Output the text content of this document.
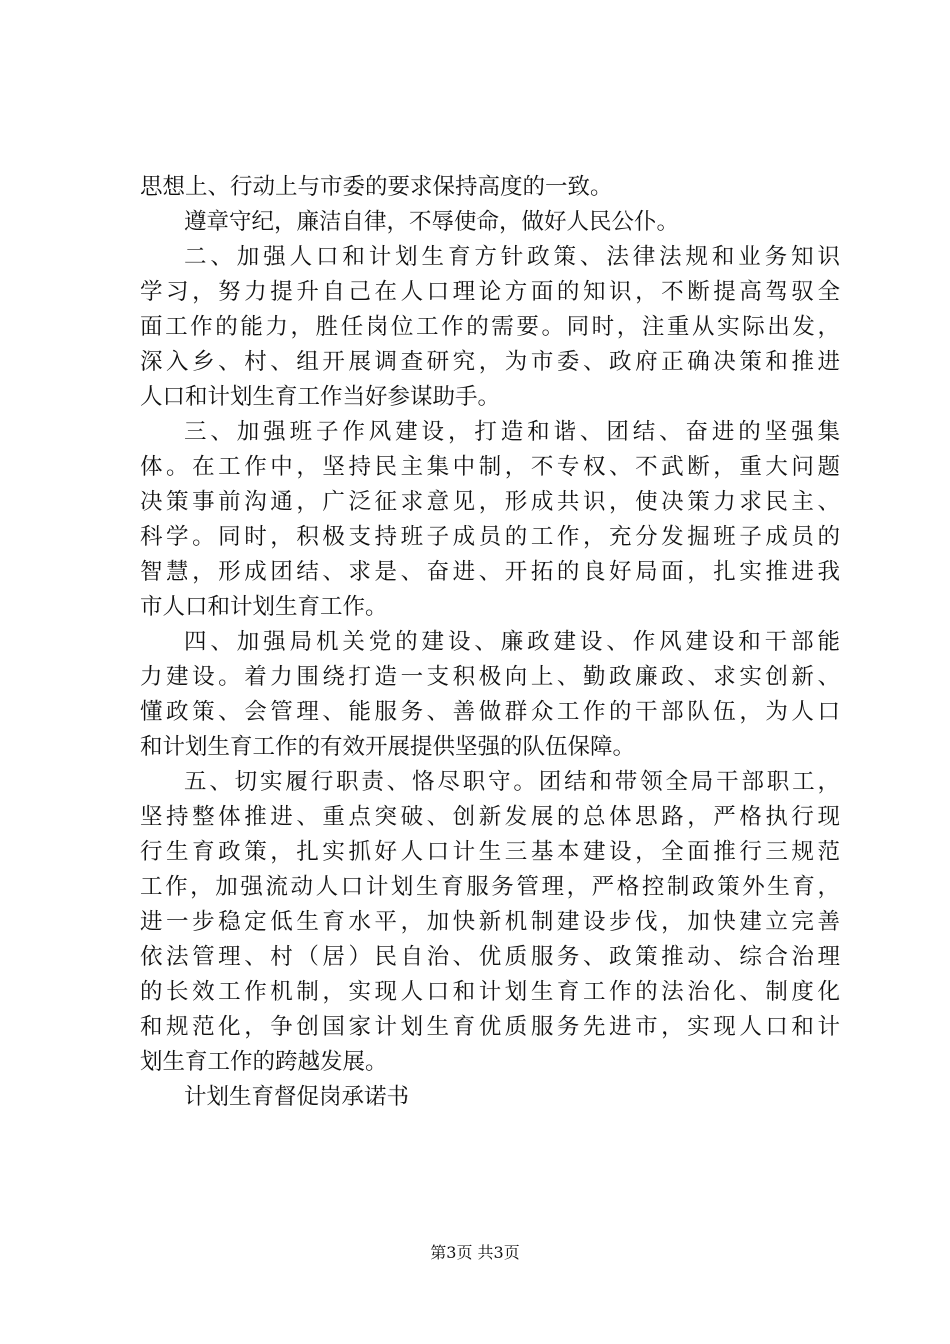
思想上、行动上与市委的要求保持高度的一致。
遵章守纪，廉洁自律，不辱使命，做好人民公仆。
二、加强人口和计划生育方针政策、法律法规和业务知识
学习，努力提升自己在人口理论方面的知识，不断提高驾驭全
面工作的能力，胜任岗位工作的需要。同时，注重从实际出发，
深入乡、村、组开展调查研究，为市委、政府正确决策和推进
人口和计划生育工作当好参谋助手。
三、加强班子作风建设，打造和谐、团结、奋进的坚强集
体。在工作中，坚持民主集中制，不专权、不武断，重大问题
决策事前沟通，广泛征求意见，形成共识，使决策力求民主、
科学。同时，积极支持班子成员的工作，充分发掘班子成员的
智慧，形成团结、求是、奋进、开拓的良好局面，扎实推进我
市人口和计划生育工作。
四、加强局机关党的建设、廉政建设、作风建设和干部能
力建设。着力围绕打造一支积极向上、勤政廉政、求实创新、
懂政策、会管理、能服务、善做群众工作的干部队伍，为人口
和计划生育工作的有效开展提供坚强的队伍保障。
五、切实履行职责、恪尽职守。团结和带领全局干部职工，
坚持整体推进、重点突破、创新发展的总体思路，严格执行现
行生育政策，扎实抓好人口计生三基本建设，全面推行三规范
工作，加强流动人口计划生育服务管理，严格控制政策外生育，
进一步稳定低生育水平，加快新机制建设步伐，加快建立完善
依法管理、村（居）民自治、优质服务、政策推动、综合治理
的长效工作机制，实现人口和计划生育工作的法治化、制度化
和规范化，争创国家计划生育优质服务先进市，实现人口和计
划生育工作的跨越发展。
计划生育督促岗承诺书
第3页 共3页
